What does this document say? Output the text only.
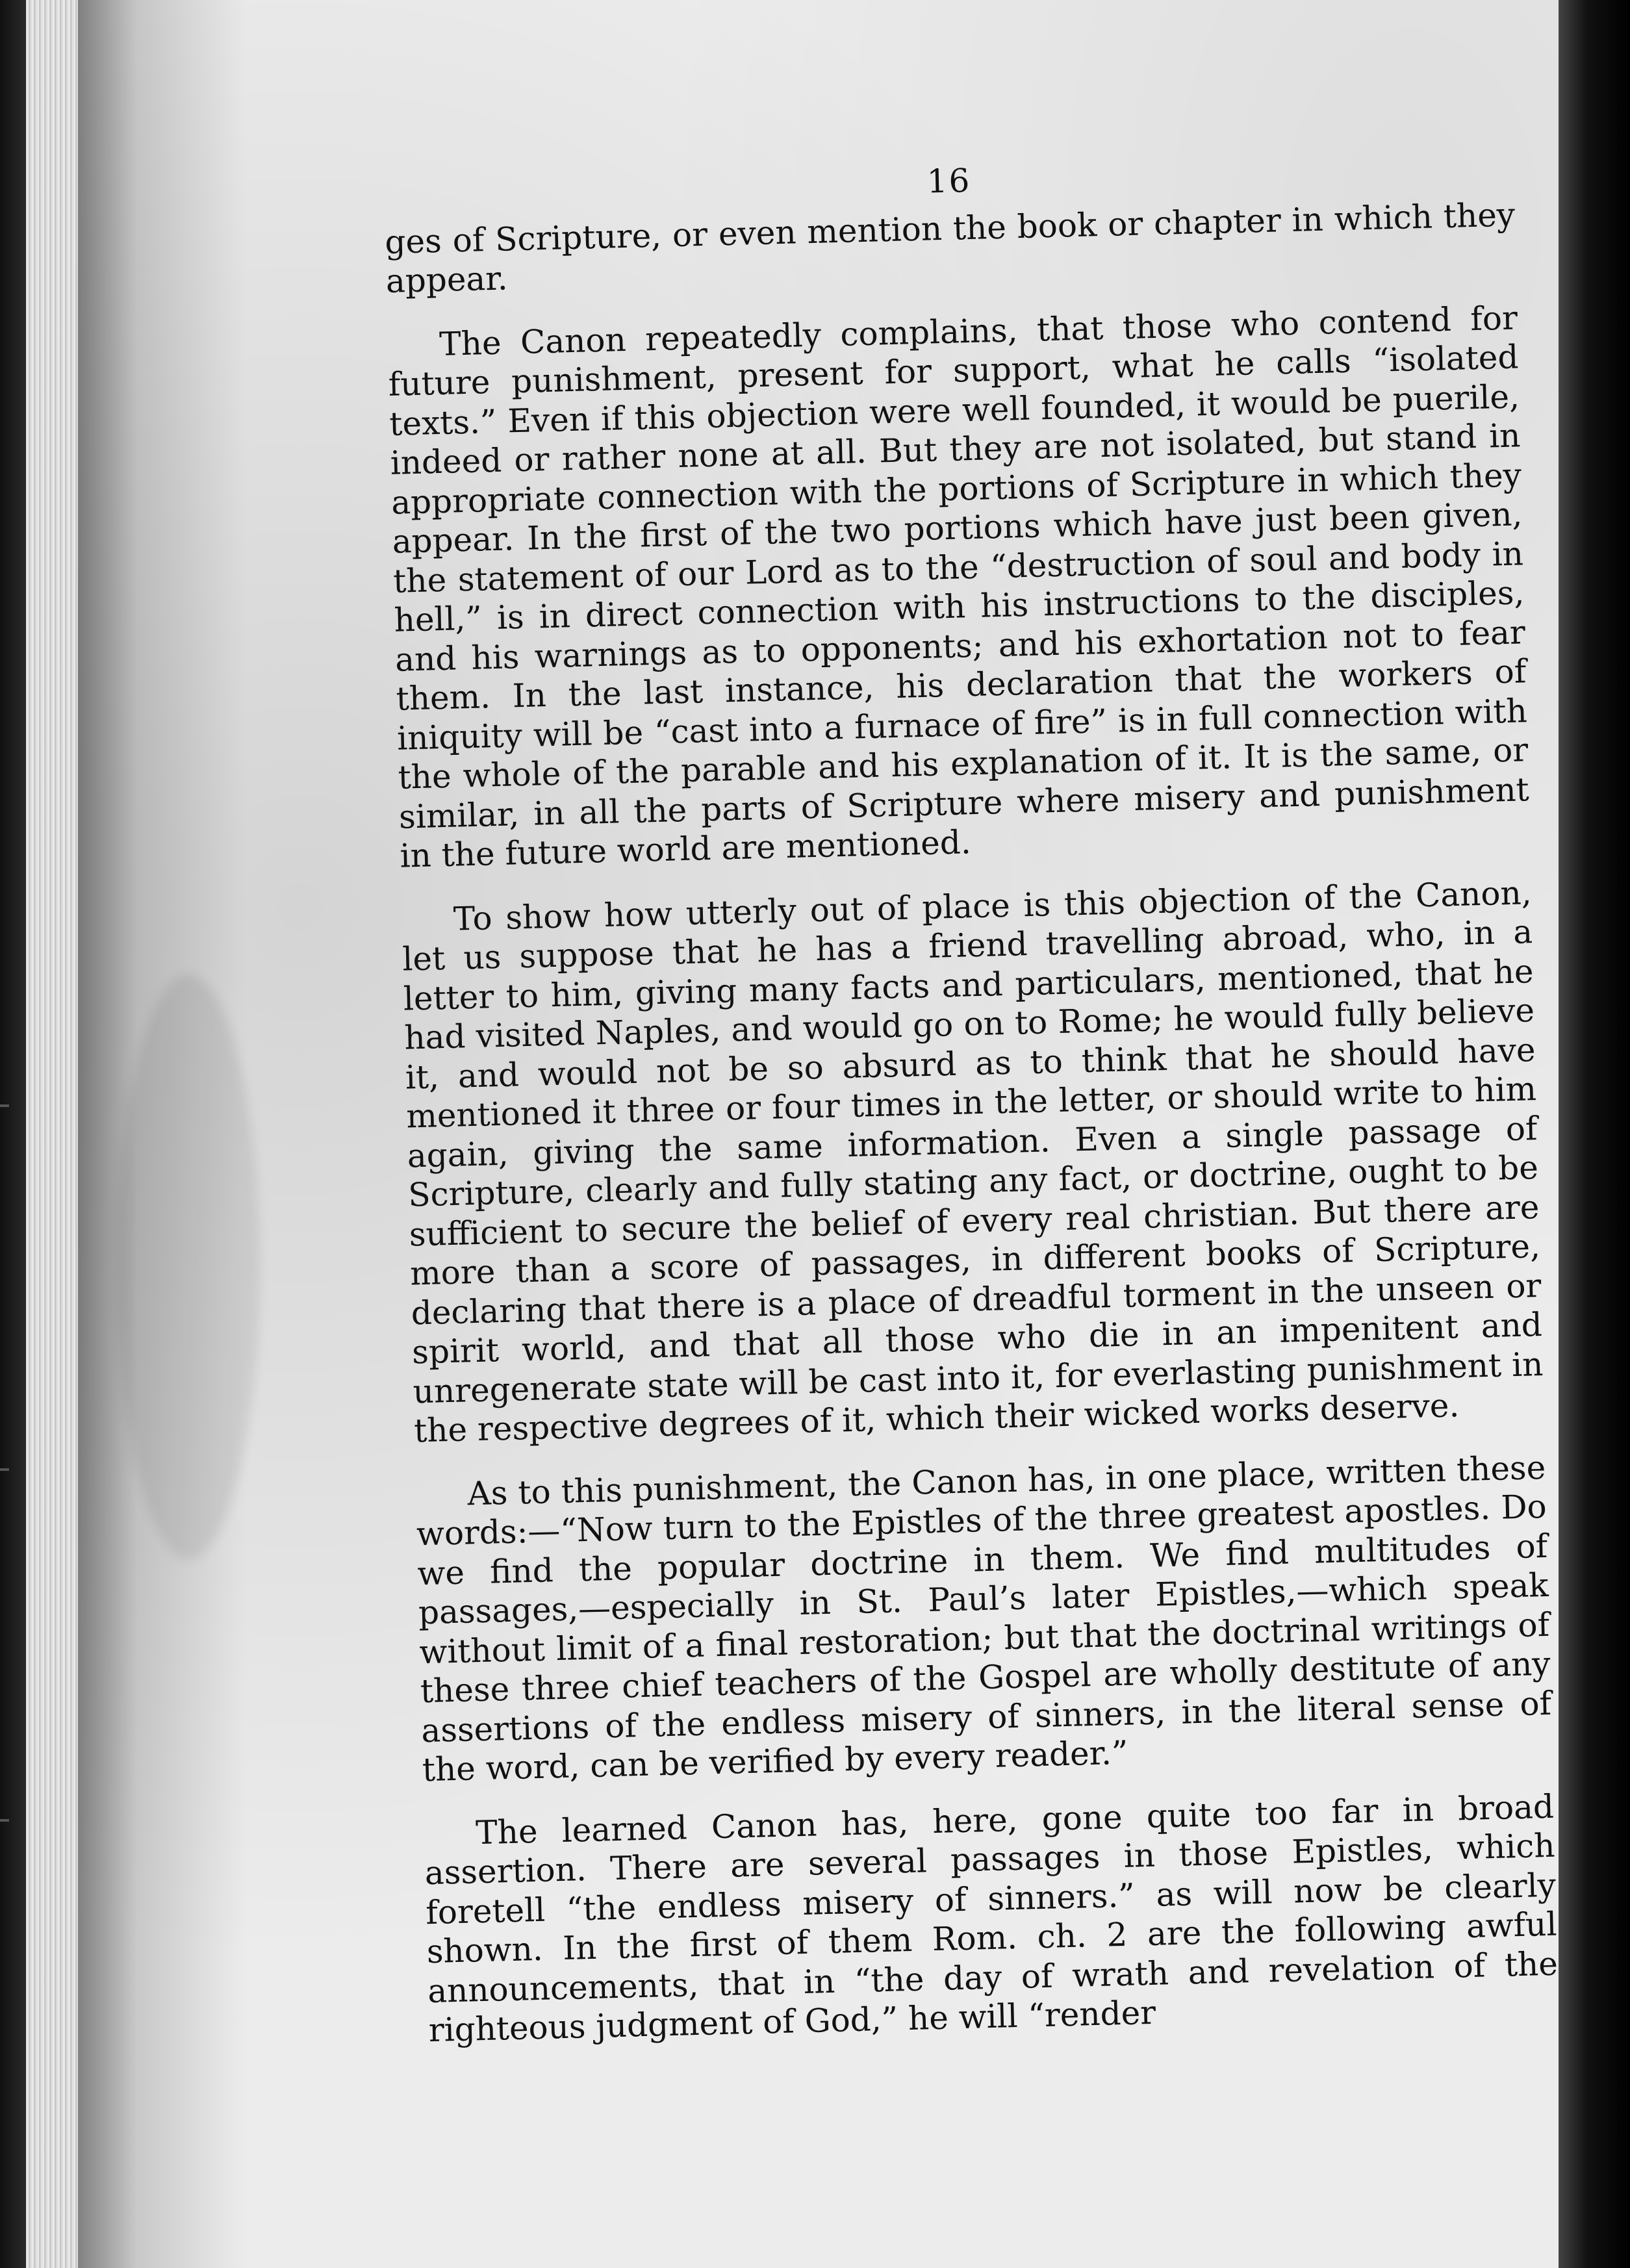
16

ges of Scripture, or even mention the book or chapter in which they appear.

The Canon repeatedly complains, that those who contend for future punishment, present for support, what he calls “isolated texts.” Even if this objection were well founded, it would be puerile, indeed or rather none at all. But they are not isolated, but stand in appropriate connection with the portions of Scripture in which they appear. In the first of the two portions which have just been given, the statement of our Lord as to the “destruction of soul and body in hell,” is in direct connection with his instructions to the disciples, and his warnings as to opponents; and his exhortation not to fear them. In the last instance, his declaration that the workers of iniquity will be “cast into a furnace of fire” is in full connection with the whole of the parable and his explanation of it. It is the same, or similar, in all the parts of Scripture where misery and punishment in the future world are mentioned.

To show how utterly out of place is this objection of the Canon, let us suppose that he has a friend travelling abroad, who, in a letter to him, giving many facts and particulars, mentioned, that he had visited Naples, and would go on to Rome; he would fully believe it, and would not be so absurd as to think that he should have mentioned it three or four times in the letter, or should write to him again, giving the same information. Even a single passage of Scripture, clearly and fully stating any fact, or doctrine, ought to be sufficient to secure the belief of every real christian. But there are more than a score of passages, in different books of Scripture, declaring that there is a place of dreadful torment in the unseen or spirit world, and that all those who die in an impenitent and unregenerate state will be cast into it, for everlasting punishment in the respective degrees of it, which their wicked works deserve.

As to this punishment, the Canon has, in one place, written these words:—“Now turn to the Epistles of the three greatest apostles. Do we find the popular doctrine in them. We find multitudes of passages,—especially in St. Paul’s later Epistles,—which speak without limit of a final restoration; but that the doctrinal writings of these three chief teachers of the Gospel are wholly destitute of any assertions of the endless misery of sinners, in the literal sense of the word, can be verified by every reader.”

The learned Canon has, here, gone quite too far in broad assertion. There are several passages in those Epistles, which foretell “the endless misery of sinners.” as will now be clearly shown. In the first of them Rom. ch. 2 are the following awful announcements, that in “the day of wrath and revelation of the righteous judgment of God,” he will “render
